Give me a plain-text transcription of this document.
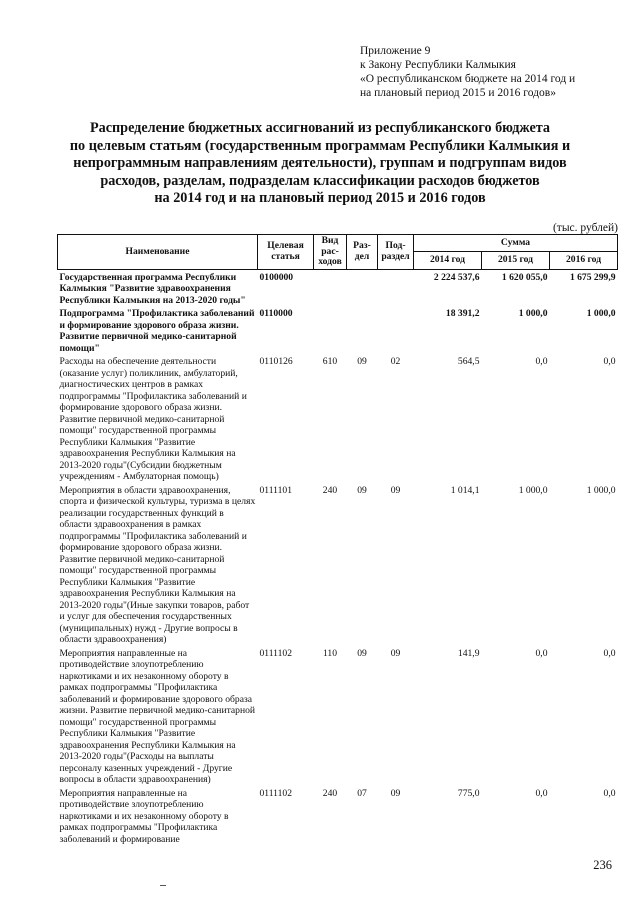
Приложение 9
к Закону Республики Калмыкия
«О республиканском бюджете на 2014 год и
на плановый период 2015 и 2016 годов»
Распределение бюджетных ассигнований из республиканского бюджета
по целевым статьям (государственным программам Республики Калмыкия и
непрограммным направлениям деятельности), группам и подгруппам видов
расходов, разделам, подразделам классификации расходов бюджетов
на 2014 год и на плановый период 2015 и 2016 годов
(тыс. рублей)
Наименование	Целевая статья	Вид рас-ходов	Раз-дел	Под-раздел	Сумма		
					2014 год	2015 год	2016 год
Государственная программа Республики Калмыкия "Развитие здравоохранения Республики Калмыкия на 2013-2020 годы"	0100000				2 224 537,6	1 620 055,0	1 675 299,9
Подпрограмма "Профилактика заболеваний и формирование здорового образа жизни. Развитие первичной медико-санитарной помощи"	0110000				18 391,2	1 000,0	1 000,0
Расходы на обеспечение деятельности (оказание услуг) поликлиник, амбулаторий, диагностических центров в рамках подпрограммы "Профилактика заболеваний и формирование здорового образа жизни. Развитие первичной медико-санитарной помощи" государственной программы Республики Калмыкия "Развитие здравоохранения Республики Калмыкия на 2013-2020 годы"(Субсидии бюджетным учреждениям - Амбулаторная помощь)	0110126	610	09	02	564,5	0,0	0,0
Мероприятия в области здравоохранения, спорта и физической культуры, туризма в целях реализации государственных функций в области здравоохранения в рамках подпрограммы "Профилактика заболеваний и формирование здорового образа жизни. Развитие первичной медико-санитарной помощи" государственной программы Республики Калмыкия "Развитие здравоохранения Республики Калмыкия на 2013-2020 годы"(Иные закупки товаров, работ и услуг для обеспечения государственных (муниципальных) нужд - Другие вопросы в области здравоохранения)	0111101	240	09	09	1 014,1	1 000,0	1 000,0
Мероприятия направленные на противодействие злоупотреблению наркотиками и их незаконному обороту в рамках подпрограммы "Профилактика заболеваний и формирование здорового образа жизни. Развитие первичной медико-санитарной помощи" государственной программы Республики Калмыкия "Развитие здравоохранения Республики Калмыкия на 2013-2020 годы"(Расходы на выплаты персоналу казенных учреждений - Другие вопросы в области здравоохранения)	0111102	110	09	09	141,9	0,0	0,0
Мероприятия направленные на противодействие злоупотреблению наркотиками и их незаконному обороту в рамках подпрограммы "Профилактика заболеваний и формирование	0111102	240	07	09	775,0	0,0	0,0
236
